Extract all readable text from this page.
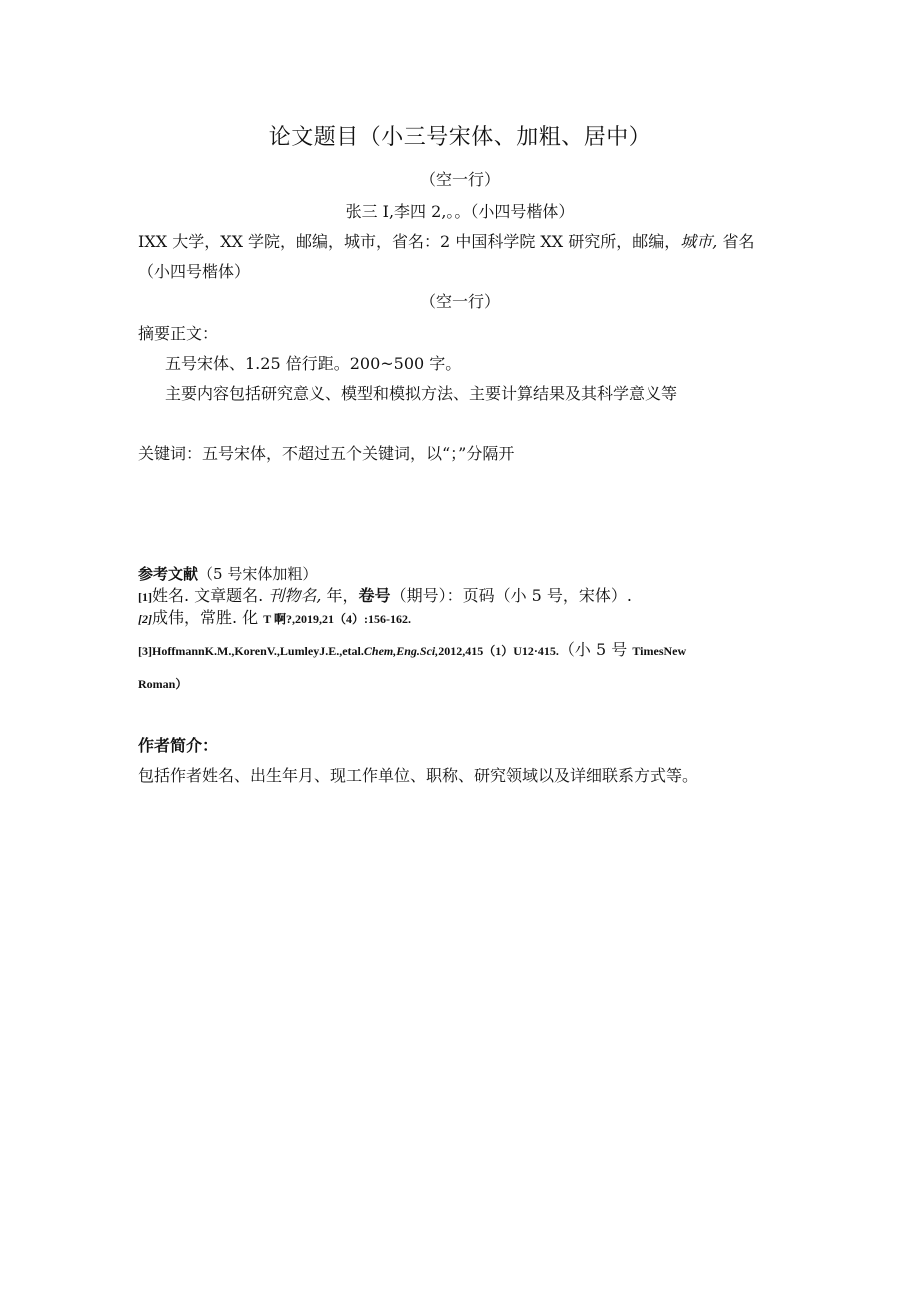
论文题目（小三号宋体、加粗、居中）
（空一行）
张三 I,李四 2,。。（小四号楷体）
IXX 大学，XX 学院，邮编，城市，省名：2 中国科学院 XX 研究所，邮编，城市, 省名
（小四号楷体）
（空一行）
摘要正文：
五号宋体、1.25 倍行距。200~500 字。
主要内容包括研究意义、模型和模拟方法、主要计算结果及其科学意义等
关键词：五号宋体，不超过五个关键词，以“；”分隔开
参考文献（5 号宋体加粗）
[1]姓名. 文章题名. 刊物名, 年，卷号（期号）：页码（小 5 号，宋体）.
[2]成伟，常胜. 化 T 啊?,2019,21（4）:156-162.
[3]HoffmannK.M.,KorenV.,LumleyJ.E.,etal.Chem,Eng.Sci,2012,415（1）U12·415.（小 5 号 TimesNew
Roman）
作者简介：
包括作者姓名、出生年月、现工作单位、职称、研究领域以及详细联系方式等。
